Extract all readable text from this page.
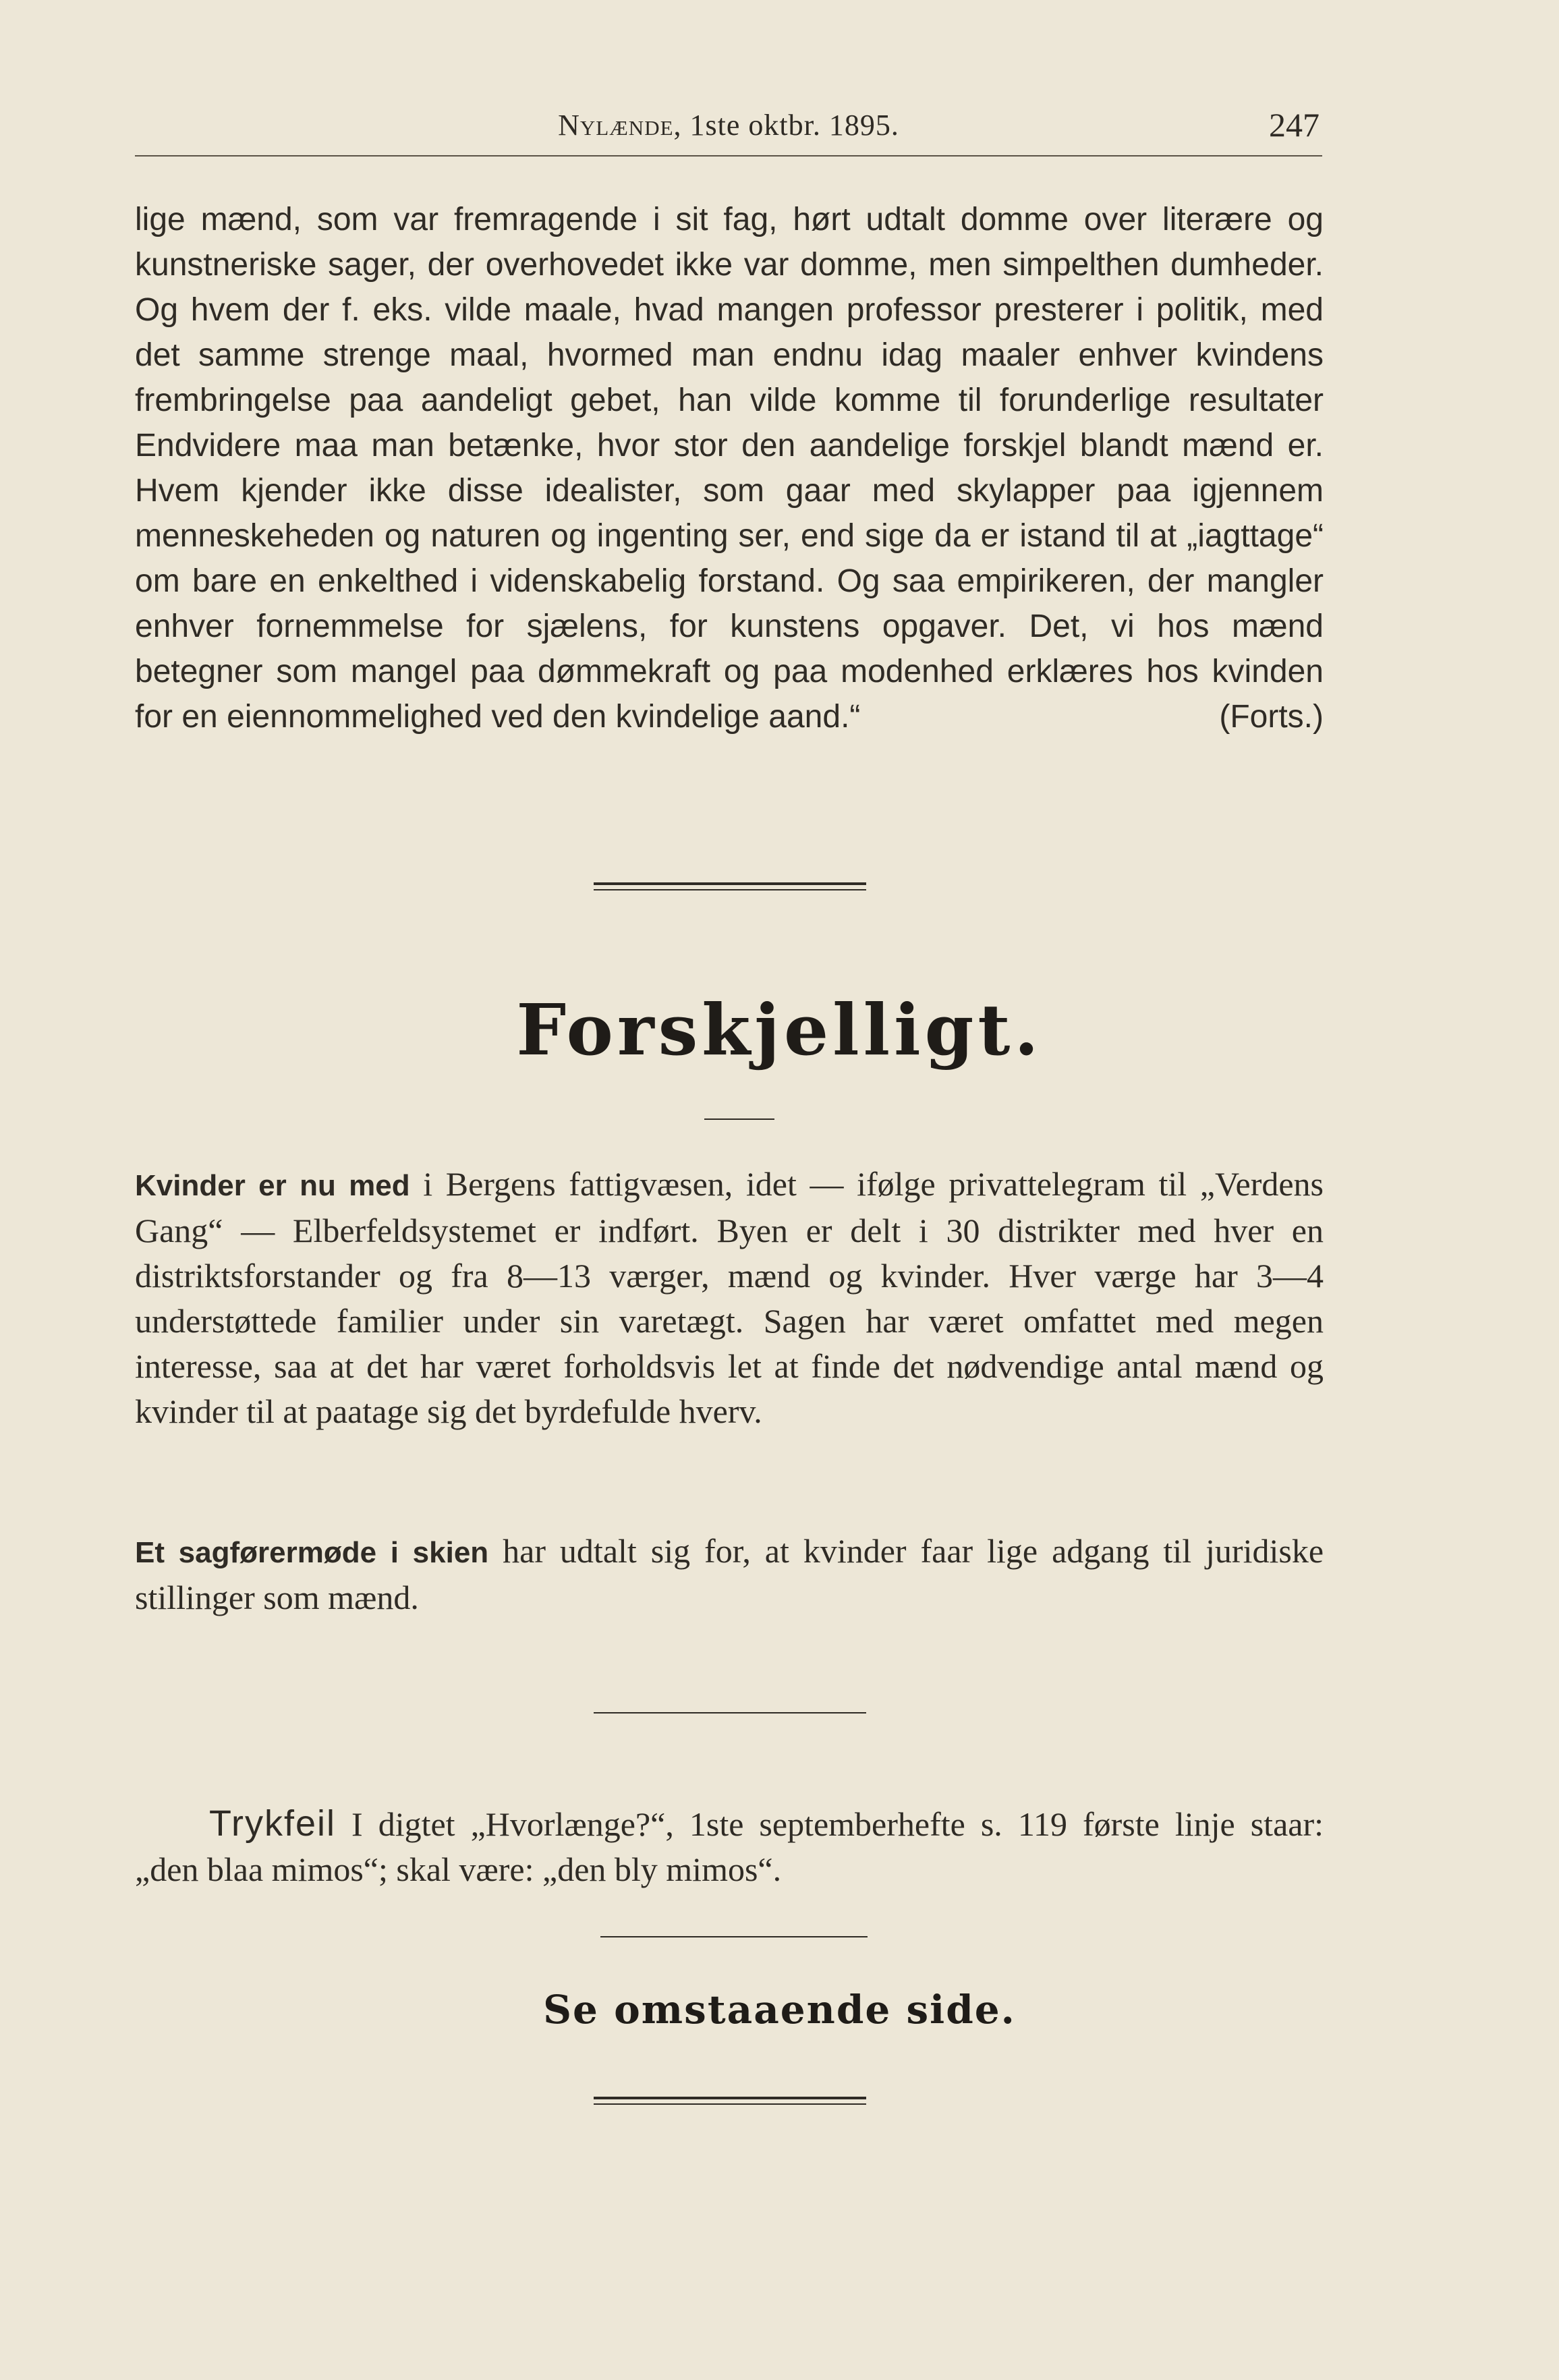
Nylænde, 1ste oktbr. 1895.	247

lige mænd, som var fremragende i sit fag, hørt udtalt domme over literære og kunstneriske sager, der overhovedet ikke var domme, men simpelthen dumheder. Og hvem der f. eks. vilde maale, hvad mangen professor presterer i politik, med det samme strenge maal, hvormed man endnu idag maaler enhver kvindens frembringelse paa aandeligt gebet, han vilde komme til forunderlige resultater Endvidere maa man betænke, hvor stor den aandelige forskjel blandt mænd er. Hvem kjender ikke disse idealister, som gaar med skylapper paa igjennem menneskeheden og naturen og ingenting ser, end sige da er istand til at „iagttage“ om bare en enkelthed i videnskabelig forstand. Og saa empirikeren, der mangler enhver fornemmelse for sjælens, for kunstens opgaver. Det, vi hos mænd betegner som mangel paa dømmekraft og paa modenhed erklæres hos kvinden for en eiennommelighed ved den kvindelige aand.“	(Forts.)

Forskjelligt.

Kvinder er nu med i Bergens fattigvæsen, idet — ifølge privattelegram til „Verdens Gang“ — Elberfeldsystemet er indført. Byen er delt i 30 distrikter med hver en distriktsforstander og fra 8—13 værger, mænd og kvinder. Hver værge har 3—4 understøttede familier under sin varetægt. Sagen har været omfattet med megen interesse, saa at det har været forholdsvis let at finde det nødvendige antal mænd og kvinder til at paatage sig det byrdefulde hverv.

Et sagførermøde i skien har udtalt sig for, at kvinder faar lige adgang til juridiske stillinger som mænd.

Trykfeil I digtet „Hvorlænge?“, 1ste septemberhefte s. 119 første linje staar: „den blaa mimos“; skal være: „den bly mimos“.

Se omstaaende side.
